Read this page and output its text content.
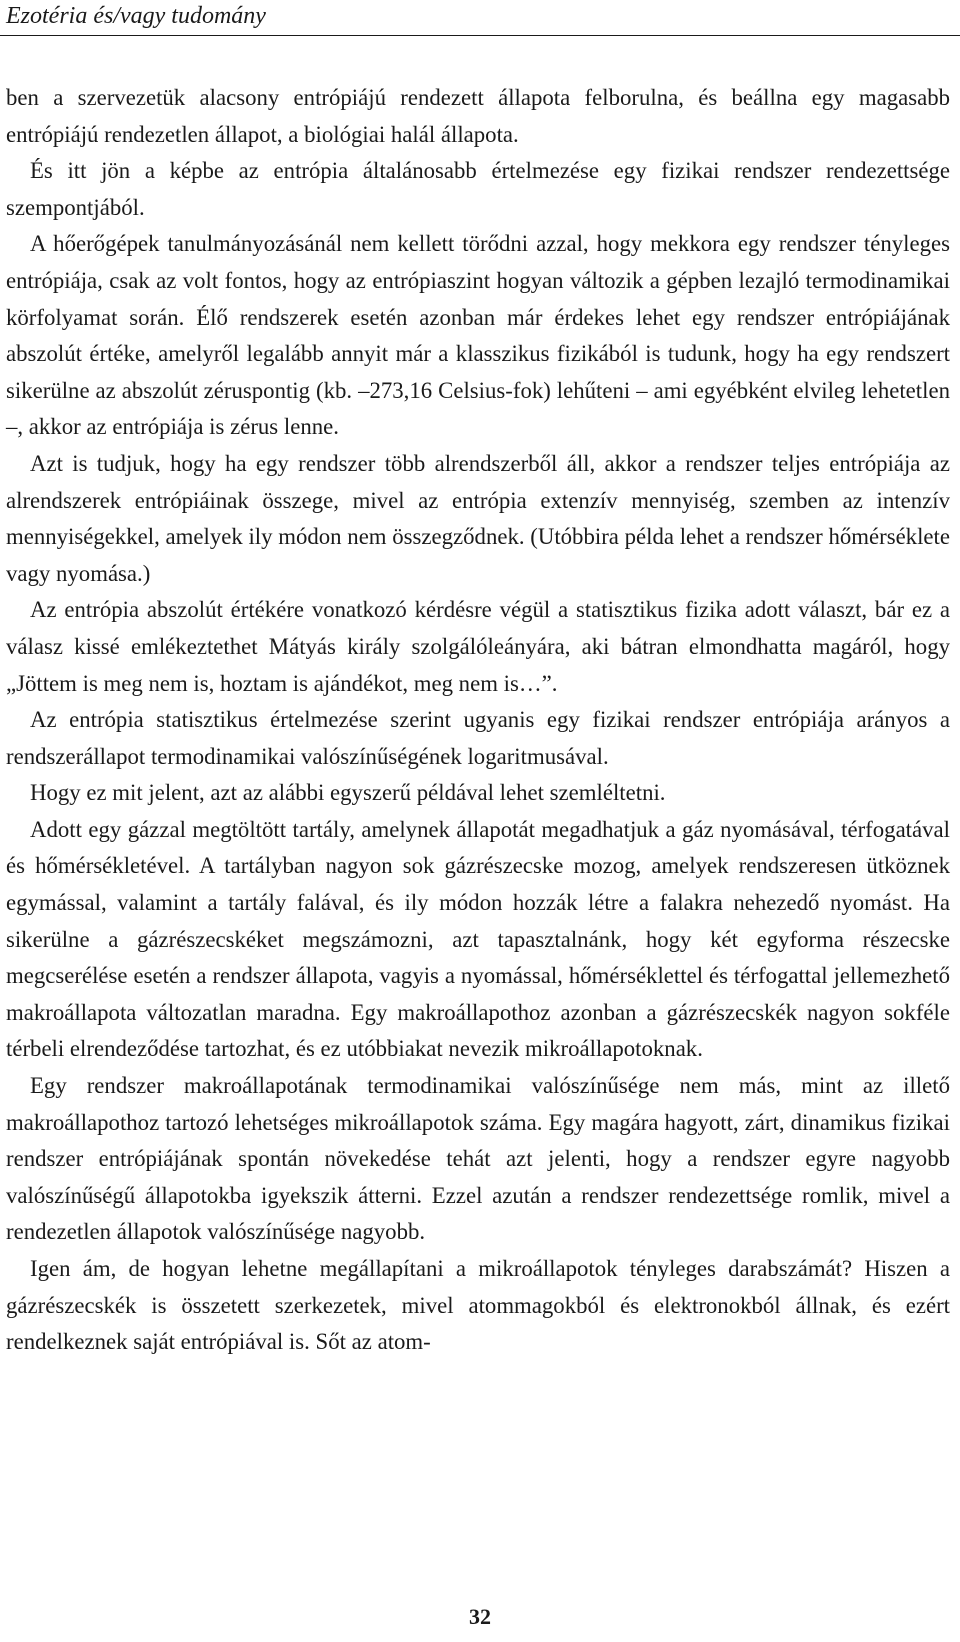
Ezotéria és/vagy tudomány

ben a szervezetük alacsony entrópiájú rendezett állapota felborulna, és beállna egy magasabb entrópiájú rendezetlen állapot, a biológiai halál állapota.

És itt jön a képbe az entrópia általánosabb értelmezése egy fizikai rendszer rendezettsége szempontjából.

A hőerőgépek tanulmányozásánál nem kellett törődni azzal, hogy mekkora egy rendszer tényleges entrópiája, csak az volt fontos, hogy az entrópiaszint hogyan változik a gépben lezajló termodinamikai körfolyamat során. Élő rendszerek esetén azonban már érdekes lehet egy rendszer entrópiájának abszolút értéke, amelyről legalább annyit már a klasszikus fizikából is tudunk, hogy ha egy rendszert sikerülne az abszolút zéruspontig (kb. –273,16 Celsius-fok) lehűteni – ami egyébként elvileg lehetetlen –, akkor az entrópiája is zérus lenne.

Azt is tudjuk, hogy ha egy rendszer több alrendszerből áll, akkor a rendszer teljes entrópiája az alrendszerek entrópiáinak összege, mivel az entrópia extenzív mennyiség, szemben az intenzív mennyiségekkel, amelyek ily módon nem összegződnek. (Utóbbira példa lehet a rendszer hőmérséklete vagy nyomása.)

Az entrópia abszolút értékére vonatkozó kérdésre végül a statisztikus fizika adott választ, bár ez a válasz kissé emlékeztethet Mátyás király szolgálóleányára, aki bátran elmondhatta magáról, hogy „Jöttem is meg nem is, hoztam is ajándékot, meg nem is…”.

Az entrópia statisztikus értelmezése szerint ugyanis egy fizikai rendszer entrópiája arányos a rendszerállapot termodinamikai valószínűségének logaritmusával.

Hogy ez mit jelent, azt az alábbi egyszerű példával lehet szemléltetni.

Adott egy gázzal megtöltött tartály, amelynek állapotát megadhatjuk a gáz nyomásával, térfogatával és hőmérsékletével. A tartályban nagyon sok gázrészecske mozog, amelyek rendszeresen ütköznek egymással, valamint a tartály falával, és ily módon hozzák létre a falakra nehezedő nyomást. Ha sikerülne a gázrészecskéket megszámozni, azt tapasztalnánk, hogy két egyforma részecske megcserélése esetén a rendszer állapota, vagyis a nyomással, hőmérséklettel és térfogattal jellemezhető makroállapota változatlan maradna. Egy makroállapothoz azonban a gázrészecskék nagyon sokféle térbeli elrendeződése tartozhat, és ez utóbbiakat nevezik mikroállapotoknak.

Egy rendszer makroállapotának termodinamikai valószínűsége nem más, mint az illető makroállapothoz tartozó lehetséges mikroállapotok száma. Egy magára hagyott, zárt, dinamikus fizikai rendszer entrópiájának spontán növekedése tehát azt jelenti, hogy a rendszer egyre nagyobb valószínűségű állapotokba igyekszik átterni. Ezzel azután a rendszer rendezettsége romlik, mivel a rendezetlen állapotok valószínűsége nagyobb.

Igen ám, de hogyan lehetne megállapítani a mikroállapotok tényleges darabszámát? Hiszen a gázrészecskék is összetett szerkezetek, mivel atommagokból és elektronokból állnak, és ezért rendelkeznek saját entrópiával is. Sőt az atom-

32
